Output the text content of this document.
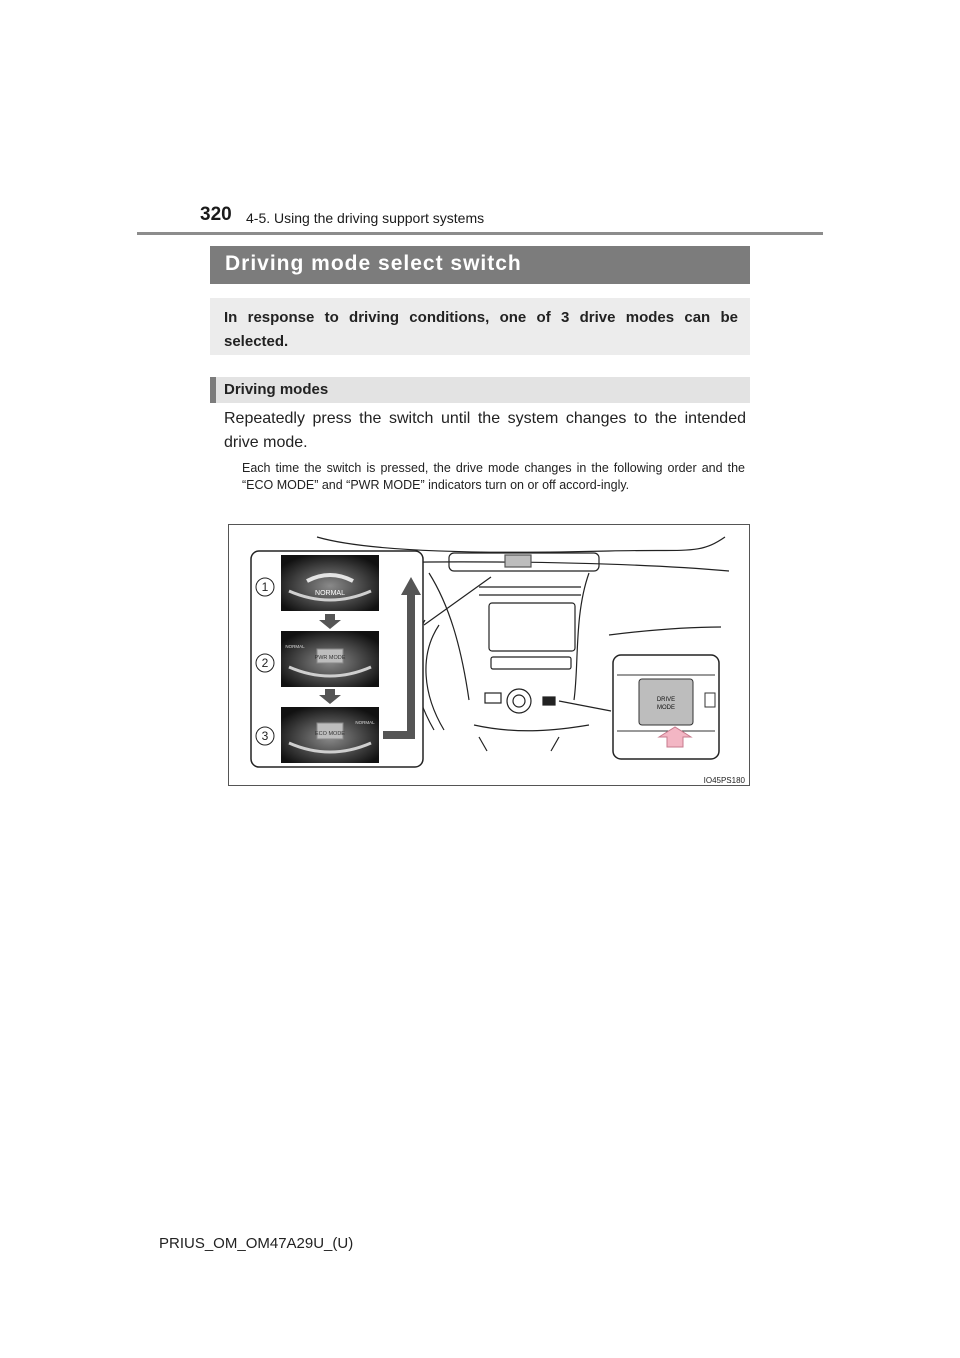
320 4-5. Using the driving support systems
Driving mode select switch
In response to driving conditions, one of 3 drive modes can be selected.
Driving modes
Repeatedly press the switch until the system changes to the intended drive mode.
Each time the switch is pressed, the drive mode changes in the following order and the “ECO MODE” and “PWR MODE” indicators turn on or off accord-ingly.
NORMAL
PWR MODE
NORMAL
ECO MODE
NORMAL
1
2
3
DRIVE
MODE
IO45PS180
PRIUS_OM_OM47A29U_(U)
